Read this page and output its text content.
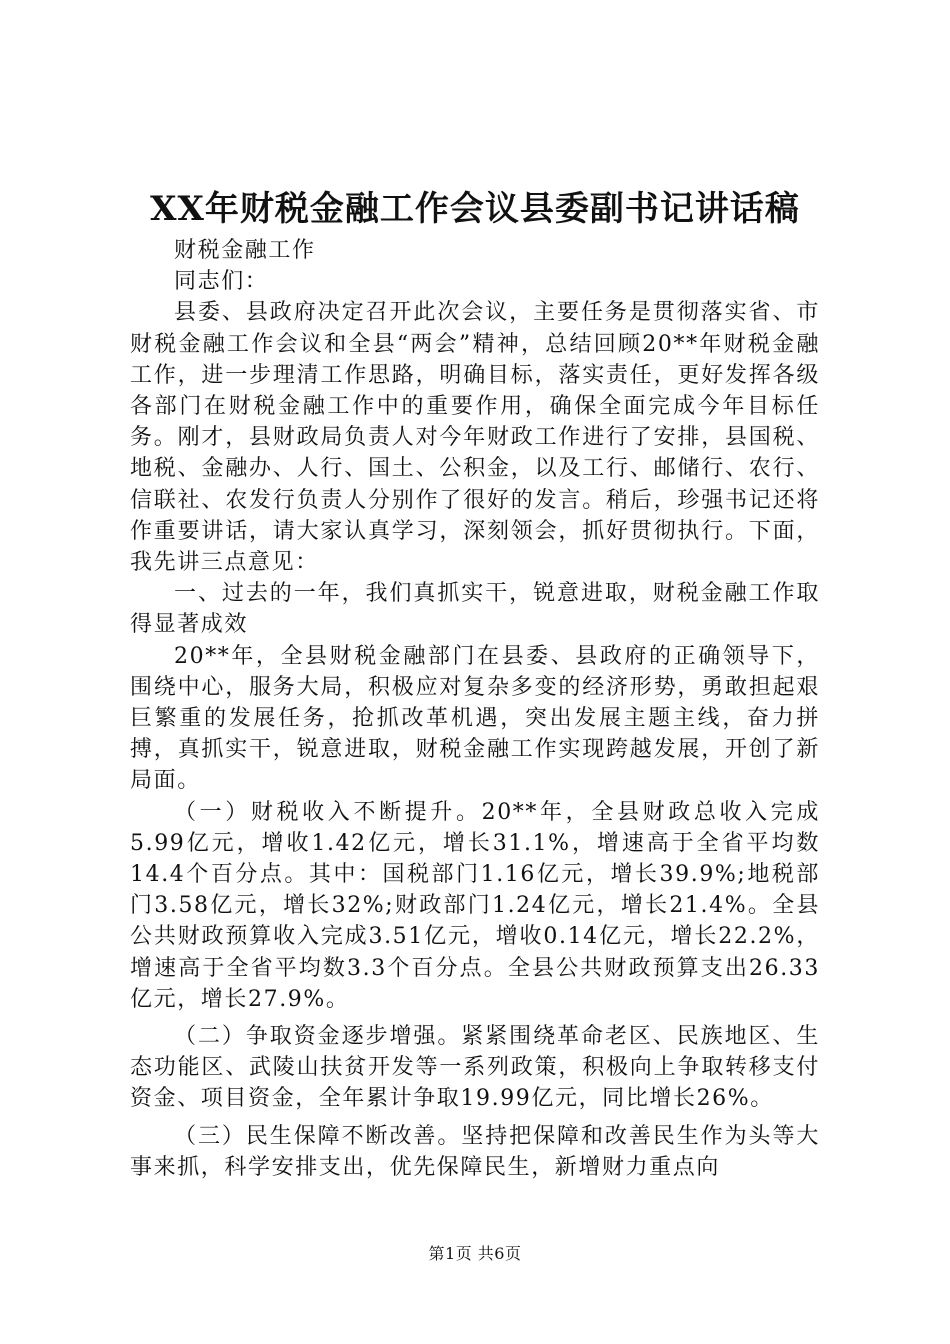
XX年财税金融工作会议县委副书记讲话稿

财税金融工作

同志们：

县委、县政府决定召开此次会议，主要任务是贯彻落实省、市财税金融工作会议和全县“两会”精神，总结回顾20**年财税金融工作，进一步理清工作思路，明确目标，落实责任，更好发挥各级各部门在财税金融工作中的重要作用，确保全面完成今年目标任务。刚才，县财政局负责人对今年财政工作进行了安排，县国税、地税、金融办、人行、国土、公积金，以及工行、邮储行、农行、信联社、农发行负责人分别作了很好的发言。稍后，珍强书记还将作重要讲话，请大家认真学习，深刻领会，抓好贯彻执行。下面，我先讲三点意见：

一、过去的一年，我们真抓实干，锐意进取，财税金融工作取得显著成效

20**年，全县财税金融部门在县委、县政府的正确领导下，围绕中心，服务大局，积极应对复杂多变的经济形势，勇敢担起艰巨繁重的发展任务，抢抓改革机遇，突出发展主题主线，奋力拼搏，真抓实干，锐意进取，财税金融工作实现跨越发展，开创了新局面。

（一）财税收入不断提升。20**年，全县财政总收入完成5.99亿元，增收1.42亿元，增长31.1%，增速高于全省平均数14.4个百分点。其中：国税部门1.16亿元，增长39.9%;地税部门3.58亿元，增长32%;财政部门1.24亿元，增长21.4%。全县公共财政预算收入完成3.51亿元，增收0.14亿元，增长22.2%，增速高于全省平均数3.3个百分点。全县公共财政预算支出26.33亿元，增长27.9%。

（二）争取资金逐步增强。紧紧围绕革命老区、民族地区、生态功能区、武陵山扶贫开发等一系列政策，积极向上争取转移支付资金、项目资金，全年累计争取19.99亿元，同比增长26%。

（三）民生保障不断改善。坚持把保障和改善民生作为头等大事来抓，科学安排支出，优先保障民生，新增财力重点向

第1页 共6页
